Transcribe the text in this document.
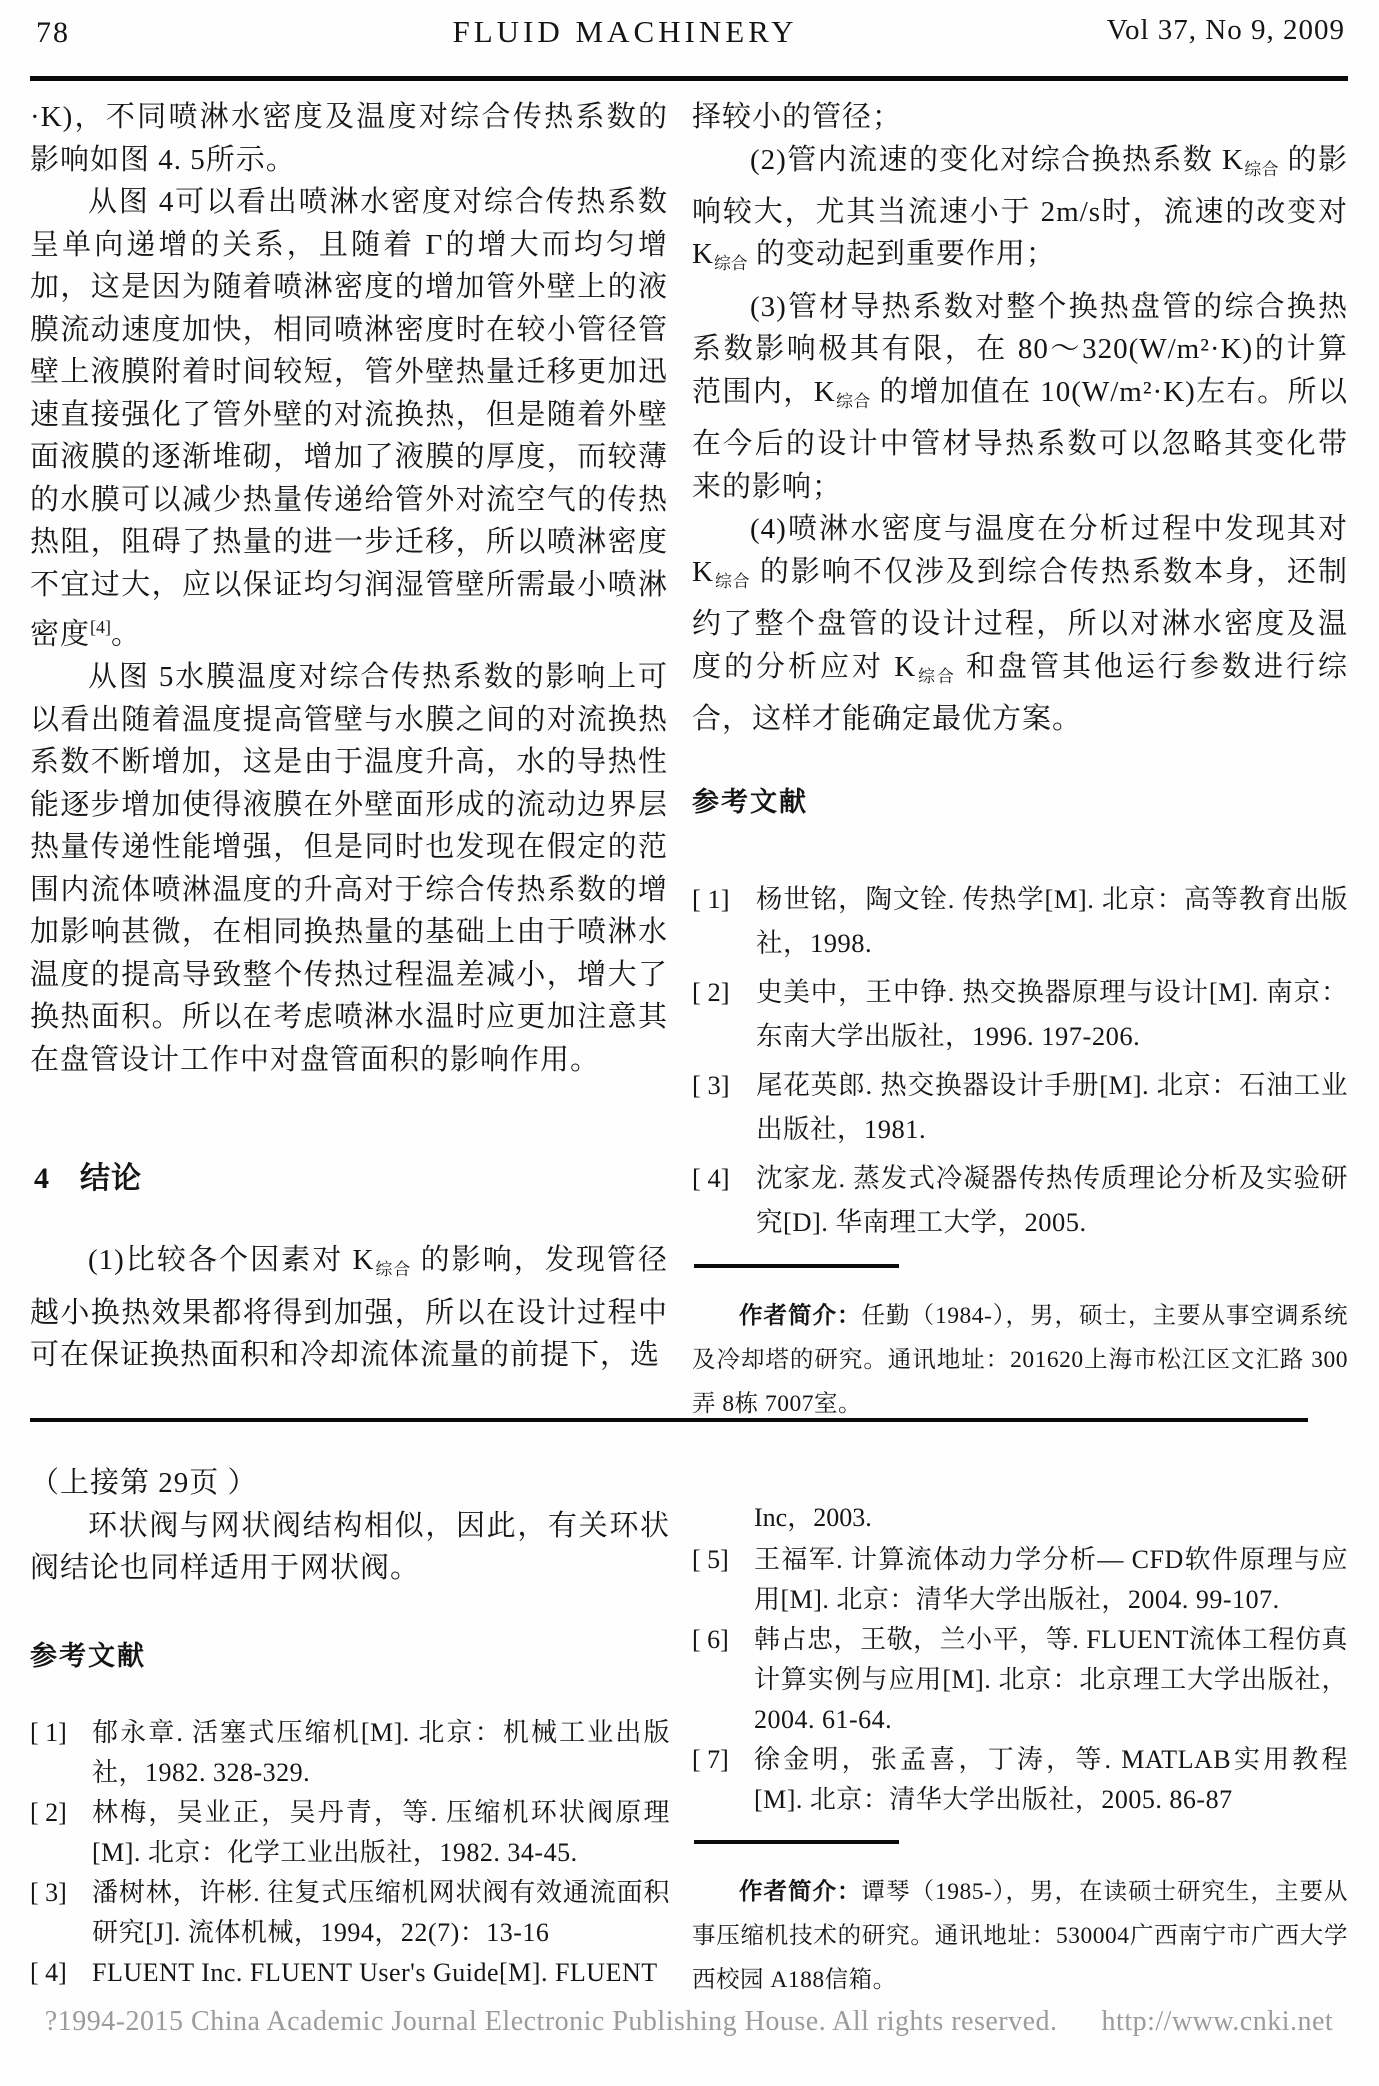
78	FLUID MACHINERY	Vol 37, No 9, 2009

·K)，不同喷淋水密度及温度对综合传热系数的影响如图 4. 5所示。

从图 4可以看出喷淋水密度对综合传热系数呈单向递增的关系，且随着 Γ的增大而均匀增加，这是因为随着喷淋密度的增加管外壁上的液膜流动速度加快，相同喷淋密度时在较小管径管壁上液膜附着时间较短，管外壁热量迁移更加迅速直接强化了管外壁的对流换热，但是随着外壁面液膜的逐渐堆砌，增加了液膜的厚度，而较薄的水膜可以减少热量传递给管外对流空气的传热热阻，阻碍了热量的进一步迁移，所以喷淋密度不宜过大，应以保证均匀润湿管壁所需最小喷淋密度[4]。

从图 5水膜温度对综合传热系数的影响上可以看出随着温度提高管壁与水膜之间的对流换热系数不断增加，这是由于温度升高，水的导热性能逐步增加使得液膜在外壁面形成的流动边界层热量传递性能增强，但是同时也发现在假定的范围内流体喷淋温度的升高对于综合传热系数的增加影响甚微，在相同换热量的基础上由于喷淋水温度的提高导致整个传热过程温差减小，增大了换热面积。所以在考虑喷淋水温时应更加注意其在盘管设计工作中对盘管面积的影响作用。

4 结论

(1)比较各个因素对 $K_{综合}$ 的影响，发现管径越小换热效果都将得到加强，所以在设计过程中可在保证换热面积和冷却流体流量的前提下，选

择较小的管径；

(2)管内流速的变化对综合换热系数 $K_{综合}$ 的影响较大，尤其当流速小于 2m/s时，流速的改变对 $K_{综合}$ 的变动起到重要作用；

(3)管材导热系数对整个换热盘管的综合换热系数影响极其有限，在 80～320(W/m²·K)的计算范围内，$K_{综合}$ 的增加值在 10(W/m²·K)左右。所以在今后的设计中管材导热系数可以忽略其变化带来的影响；

(4)喷淋水密度与温度在分析过程中发现其对 $K_{综合}$ 的影响不仅涉及到综合传热系数本身，还制约了整个盘管的设计过程，所以对淋水密度及温度的分析应对 $K_{综合}$ 和盘管其他运行参数进行综合，这样才能确定最优方案。

参考文献
[ 1] 杨世铭，陶文铨. 传热学[M]. 北京：高等教育出版社，1998.
[ 2] 史美中，王中铮. 热交换器原理与设计[M]. 南京：东南大学出版社，1996. 197-206.
[ 3] 尾花英郎. 热交换器设计手册[M]. 北京：石油工业出版社，1981.
[ 4] 沈家龙. 蒸发式冷凝器传热传质理论分析及实验研究[D]. 华南理工大学，2005.

作者简介：任勤（1984-），男，硕士，主要从事空调系统及冷却塔的研究。通讯地址：201620上海市松江区文汇路 300弄 8栋 7007室。

（上接第 29页 ）

环状阀与网状阀结构相似，因此，有关环状阀结论也同样适用于网状阀。

参考文献
[ 1] 郁永章. 活塞式压缩机[M]. 北京：机械工业出版社，1982. 328-329.
[ 2] 林梅，吴业正，吴丹青，等. 压缩机环状阀原理[M]. 北京：化学工业出版社，1982. 34-45.
[ 3] 潘树林，许彬. 往复式压缩机网状阀有效通流面积研究[J]. 流体机械，1994，22(7)：13-16
[ 4] FLUENT Inc. FLUENT User's Guide[M]. FLUENT

Inc，2003.

[ 5] 王福军. 计算流体动力学分析— CFD软件原理与应用[M]. 北京：清华大学出版社，2004. 99-107.
[ 6] 韩占忠，王敬，兰小平，等. FLUENT流体工程仿真计算实例与应用[M]. 北京：北京理工大学出版社，2004. 61-64.
[ 7] 徐金明，张孟喜，丁涛，等. MATLAB实用教程[M]. 北京：清华大学出版社，2005. 86-87

作者简介：谭琴（1985-），男，在读硕士研究生，主要从事压缩机技术的研究。通讯地址：530004广西南宁市广西大学西校园 A188信箱。

?1994-2015 China Academic Journal Electronic Publishing House. All rights reserved. http://www.cnki.net
